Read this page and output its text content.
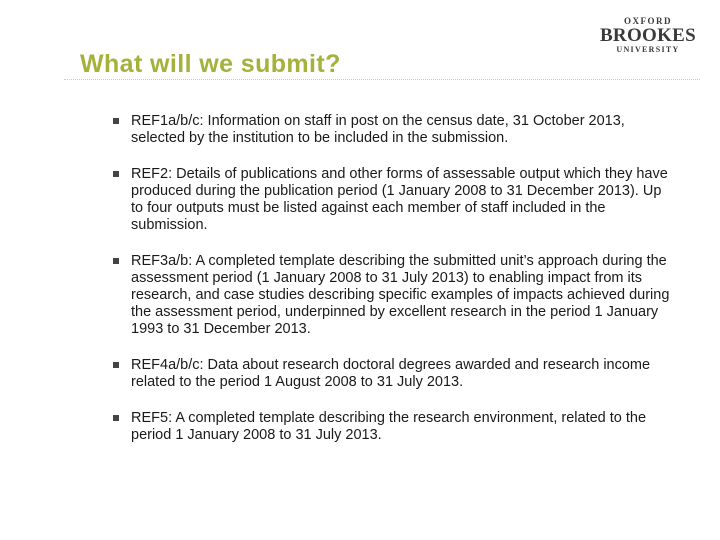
OXFORD
BROOKES
UNIVERSITY
What will we submit?
REF1a/b/c: Information on staff in post on the census date, 31 October 2013, selected by the institution to be included in the submission.
REF2: Details of publications and other forms of assessable output which they have produced during the publication period (1 January 2008 to 31 December 2013). Up to four outputs must be listed against each member of staff included in the submission.
REF3a/b: A completed template describing the submitted unit’s approach during the assessment period (1 January 2008 to 31 July 2013) to enabling impact from its research, and case studies describing specific examples of impacts achieved during the assessment period, underpinned by excellent research in the period 1 January 1993 to 31 December 2013.
REF4a/b/c: Data about research doctoral degrees awarded and research income related to the period 1 August 2008 to 31 July 2013.
REF5: A completed template describing the research environment, related to the period 1 January 2008 to 31 July 2013.
